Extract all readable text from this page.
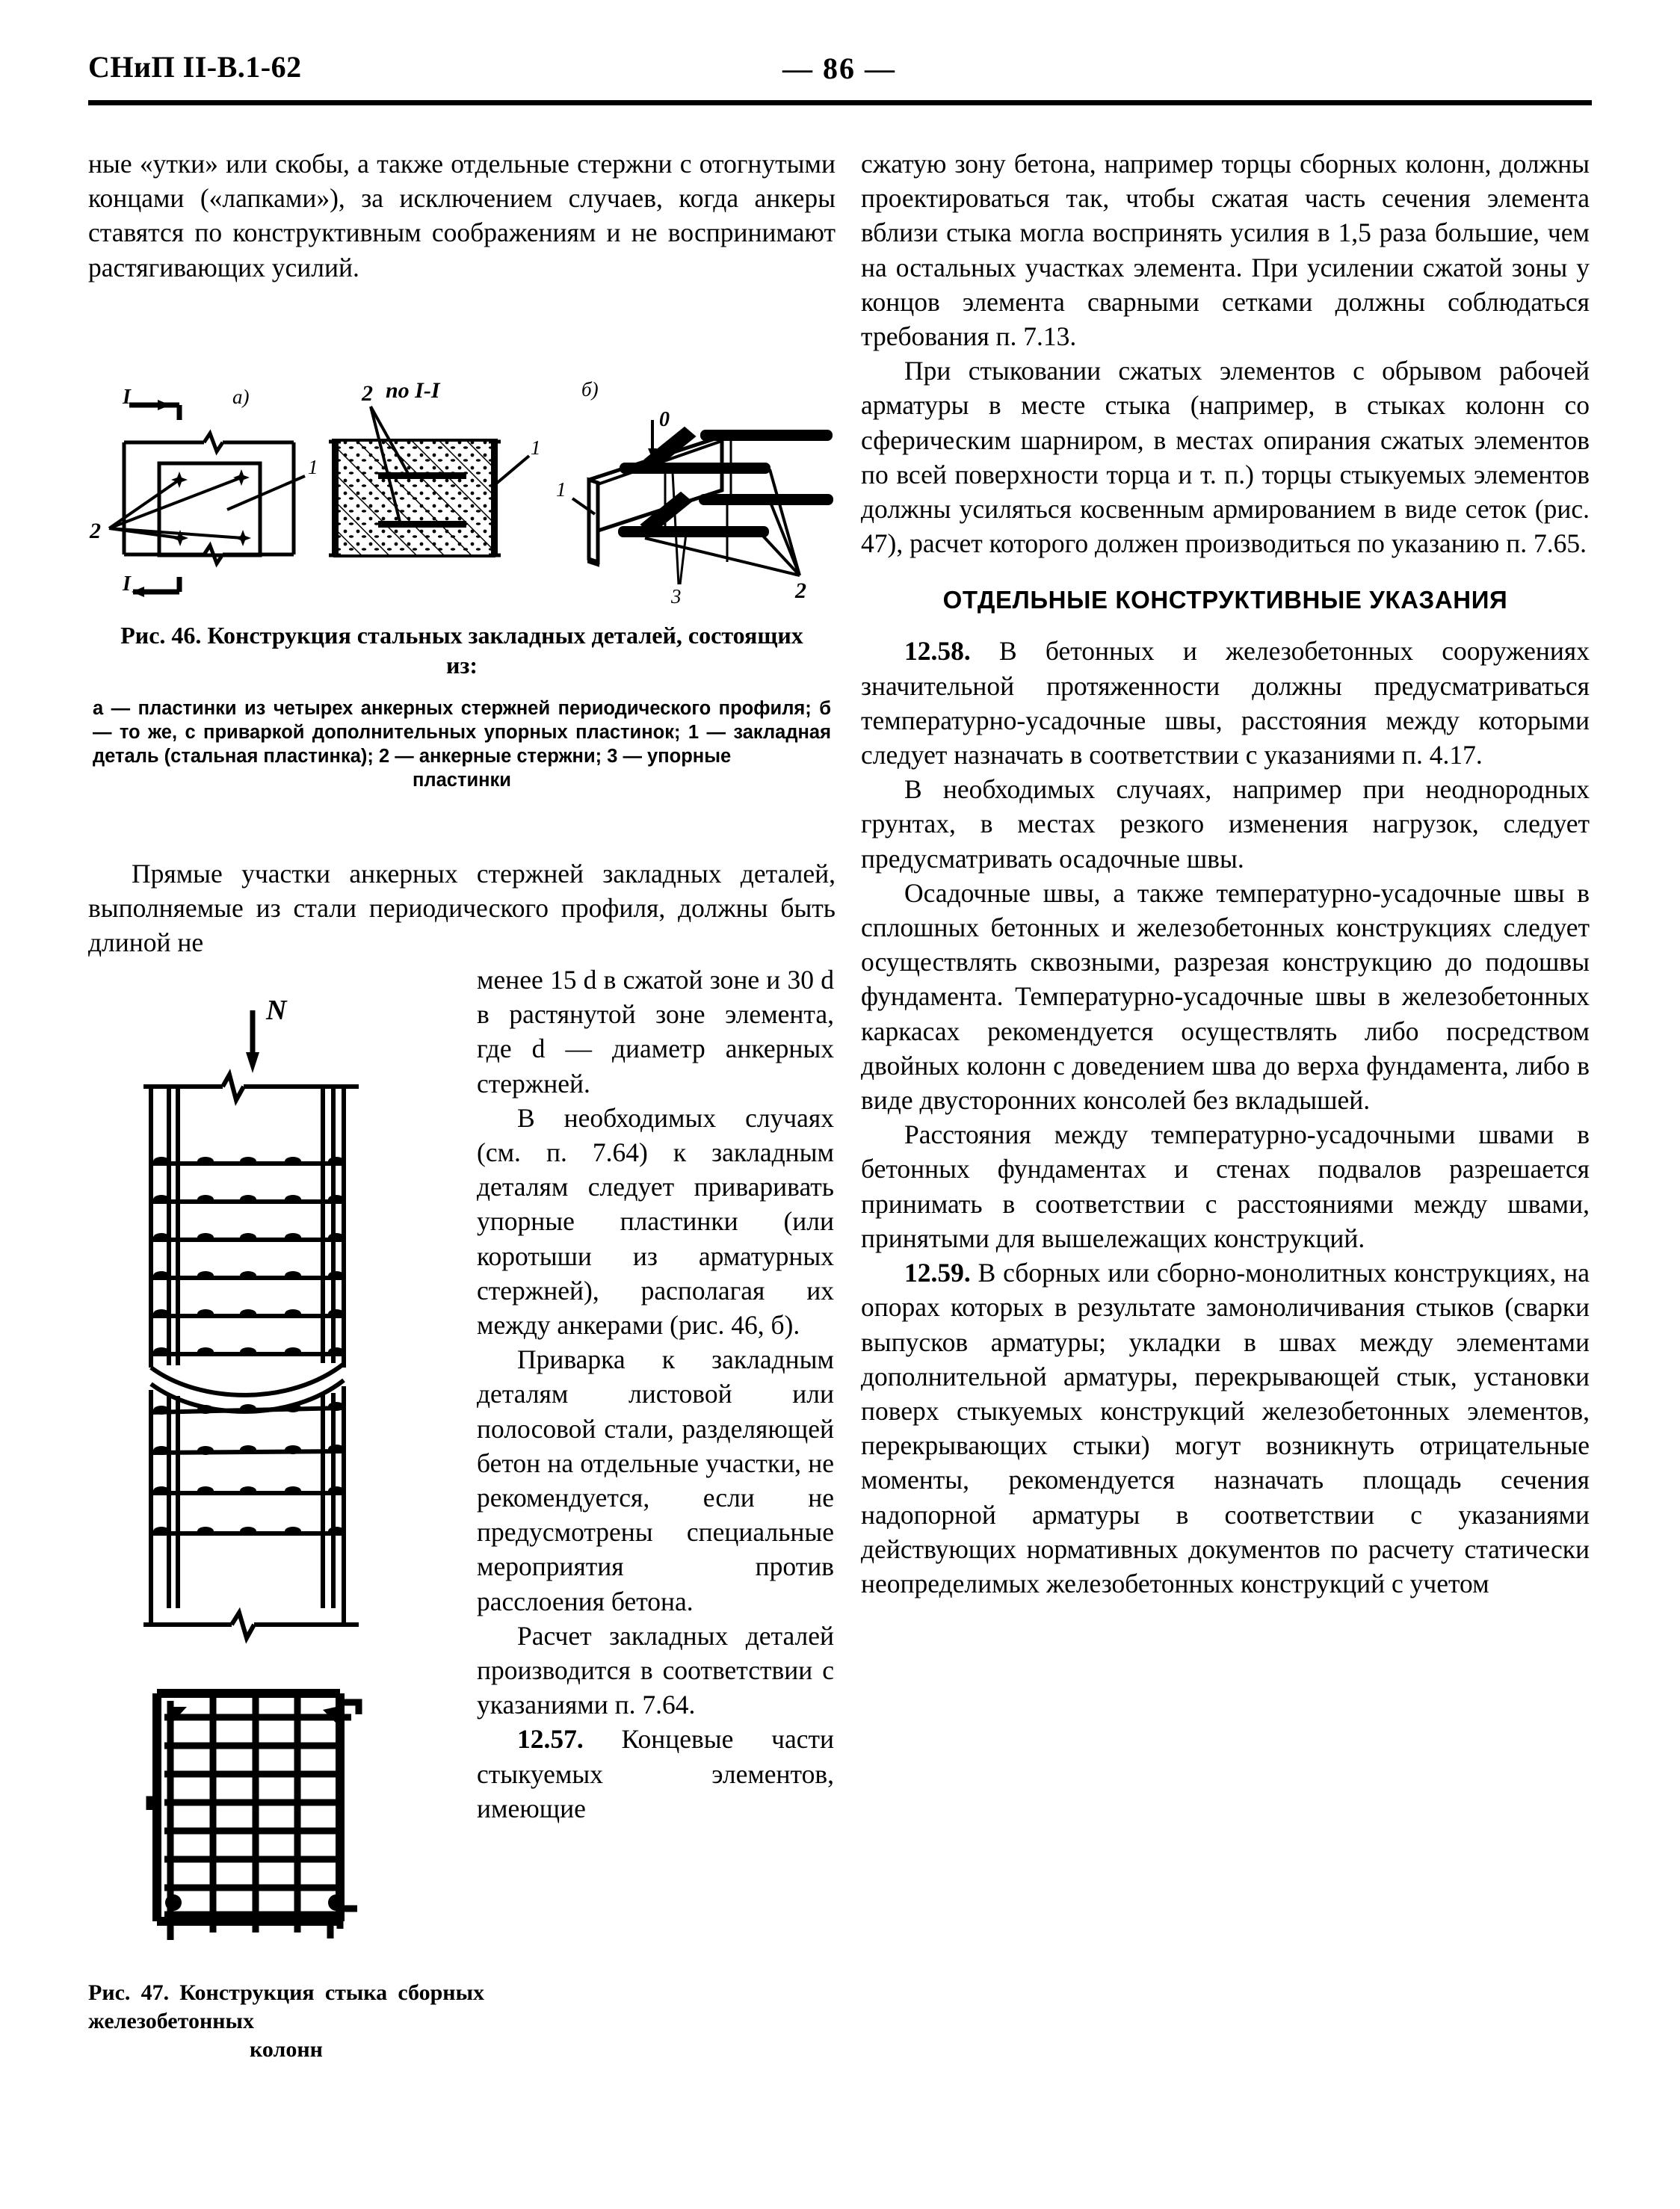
СНиП II-В.1-62	— 86 —

ные «утки» или скобы, а также отдельные стержни с отогнутыми концами («лапками»), за исключением случаев, когда анкеры ставятся по конструктивным соображениям и не воспринимают растягивающих усилий.

I	а)
2
1
I
по I-I
2
1
б)
0
1
3	2
Рис. 46. Конструкция стальных закладных деталей, состоящих из:
а — пластинки из четырех анкерных стержней периодического профиля; б — то же, с приваркой дополнительных упорных пластинок; 1 — закладная деталь (стальная пластинка); 2 — анкерные стержни; 3 — упорные
пластинки

Прямые участки анкерных стержней закладных деталей, выполняемые из стали периодического профиля, должны быть длиной не

N
Рис. 47. Конструкция стыка сборных железобетонных
колонн

менее 15 d в сжатой зоне и 30 d в растянутой зоне элемента, где d — диаметр анкерных стержней.

В необходимых случаях (см. п. 7.64) к закладным деталям следует приваривать упорные пластинки (или коротыши из арматурных стержней), располагая их между анкерами (рис. 46, б).

Приварка к закладным деталям листовой или полосовой стали, разделяющей бетон на отдельные участки, не рекомендуется, если не предусмотрены специальные мероприятия против расслоения бетона.

Расчет закладных деталей производится в соответствии с указаниями п. 7.64.

12.57. Концевые части стыкуемых элементов, имеющие

сжатую зону бетона, например торцы сборных колонн, должны проектироваться так, чтобы сжатая часть сечения элемента вблизи стыка могла воспринять усилия в 1,5 раза большие, чем на остальных участках элемента. При усилении сжатой зоны у концов элемента сварными сетками должны соблюдаться требования п. 7.13.

При стыковании сжатых элементов с обрывом рабочей арматуры в месте стыка (например, в стыках колонн со сферическим шарниром, в местах опирания сжатых элементов по всей поверхности торца и т. п.) торцы стыкуемых элементов должны усиляться косвенным армированием в виде сеток (рис. 47), расчет которого должен производиться по указанию п. 7.65.

ОТДЕЛЬНЫЕ КОНСТРУКТИВНЫЕ УКАЗАНИЯ

12.58. В бетонных и железобетонных сооружениях значительной протяженности должны предусматриваться температурно-усадочные швы, расстояния между которыми следует назначать в соответствии с указаниями п. 4.17.

В необходимых случаях, например при неоднородных грунтах, в местах резкого изменения нагрузок, следует предусматривать осадочные швы.

Осадочные швы, а также температурно-усадочные швы в сплошных бетонных и железобетонных конструкциях следует осуществлять сквозными, разрезая конструкцию до подошвы фундамента. Температурно-усадочные швы в железобетонных каркасах рекомендуется осуществлять либо посредством двойных колонн с доведением шва до верха фундамента, либо в виде двусторонних консолей без вкладышей.

Расстояния между температурно-усадочными швами в бетонных фундаментах и стенах подвалов разрешается принимать в соответствии с расстояниями между швами, принятыми для вышележащих конструкций.

12.59. В сборных или сборно-монолитных конструкциях, на опорах которых в результате замоноличивания стыков (сварки выпусков арматуры; укладки в швах между элементами дополнительной арматуры, перекрывающей стык, установки поверх стыкуемых конструкций железобетонных элементов, перекрывающих стыки) могут возникнуть отрицательные моменты, рекомендуется назначать площадь сечения надопорной арматуры в соответствии с указаниями действующих нормативных документов по расчету статически неопределимых железобетонных конструкций с учетом
